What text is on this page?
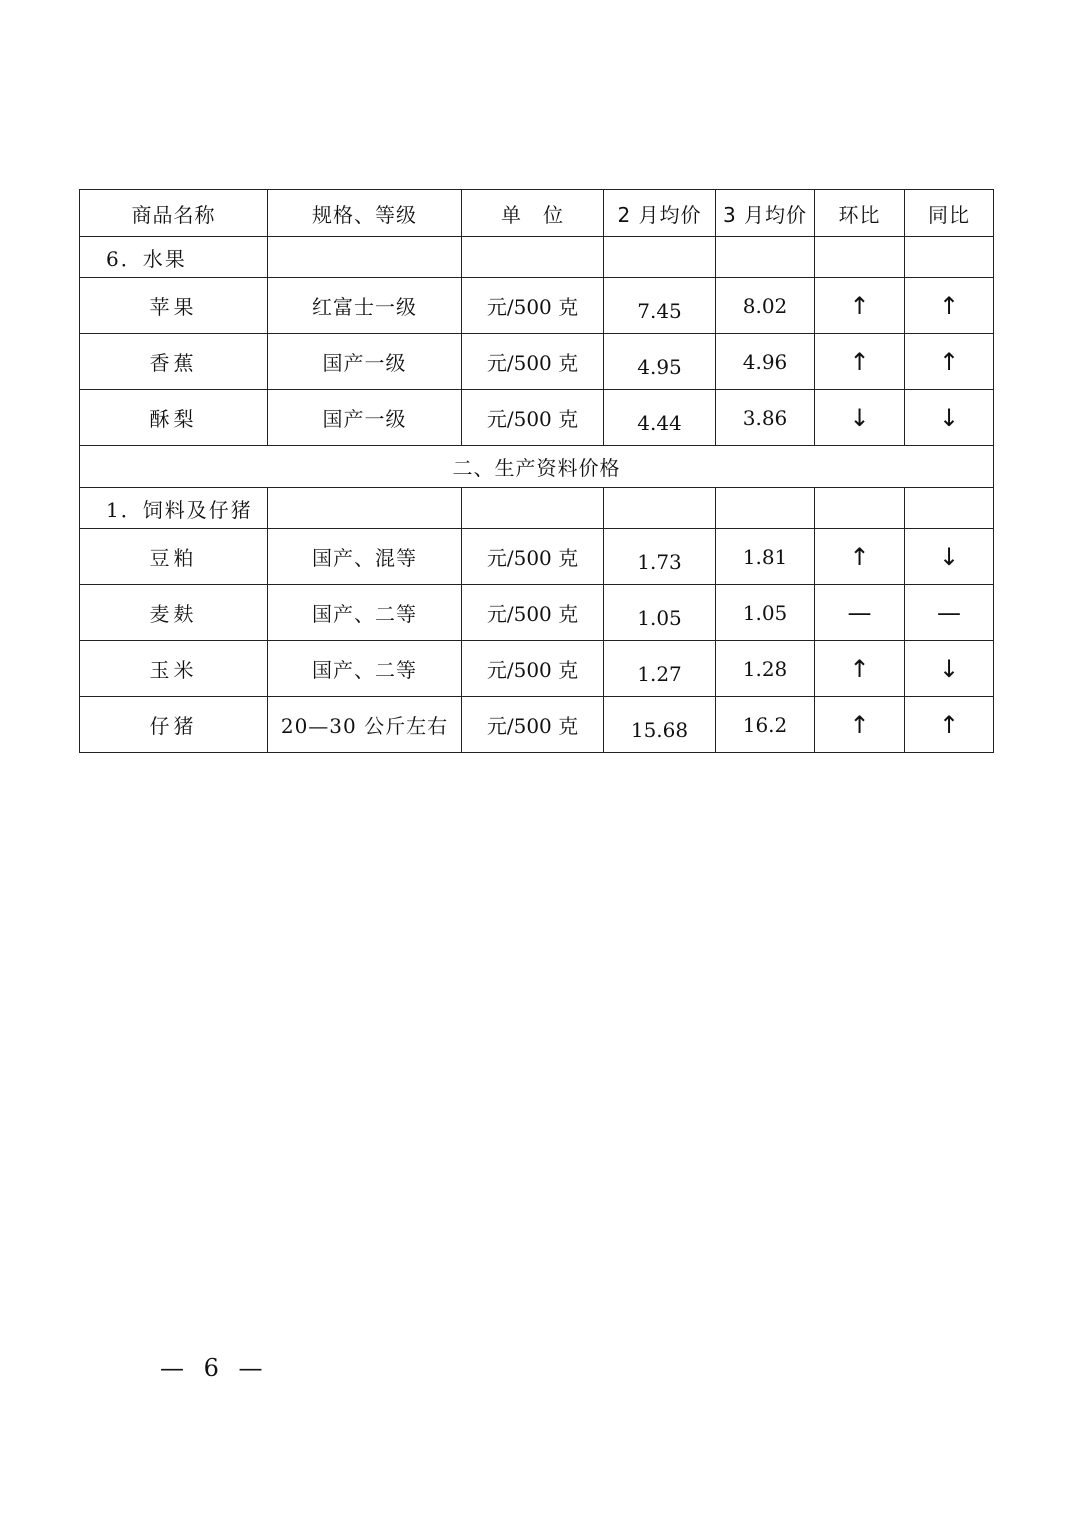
商品名称	规格、等级	单　位	2 月均价	3 月均价	环比	同比
6．水果						
苹果	红富士一级	元/500 克	7.45	8.02	↑	↑
香蕉	国产一级	元/500 克	4.95	4.96	↑	↑
酥梨	国产一级	元/500 克	4.44	3.86	↓	↓
二、生产资料价格						
1．饲料及仔猪						
豆粕	国产、混等	元/500 克	1.73	1.81	↑	↓
麦麸	国产、二等	元/500 克	1.05	1.05	—	—
玉米	国产、二等	元/500 克	1.27	1.28	↑	↓
仔猪	20—30 公斤左右	元/500 克	15.68	16.2	↑	↑
— 6 —
